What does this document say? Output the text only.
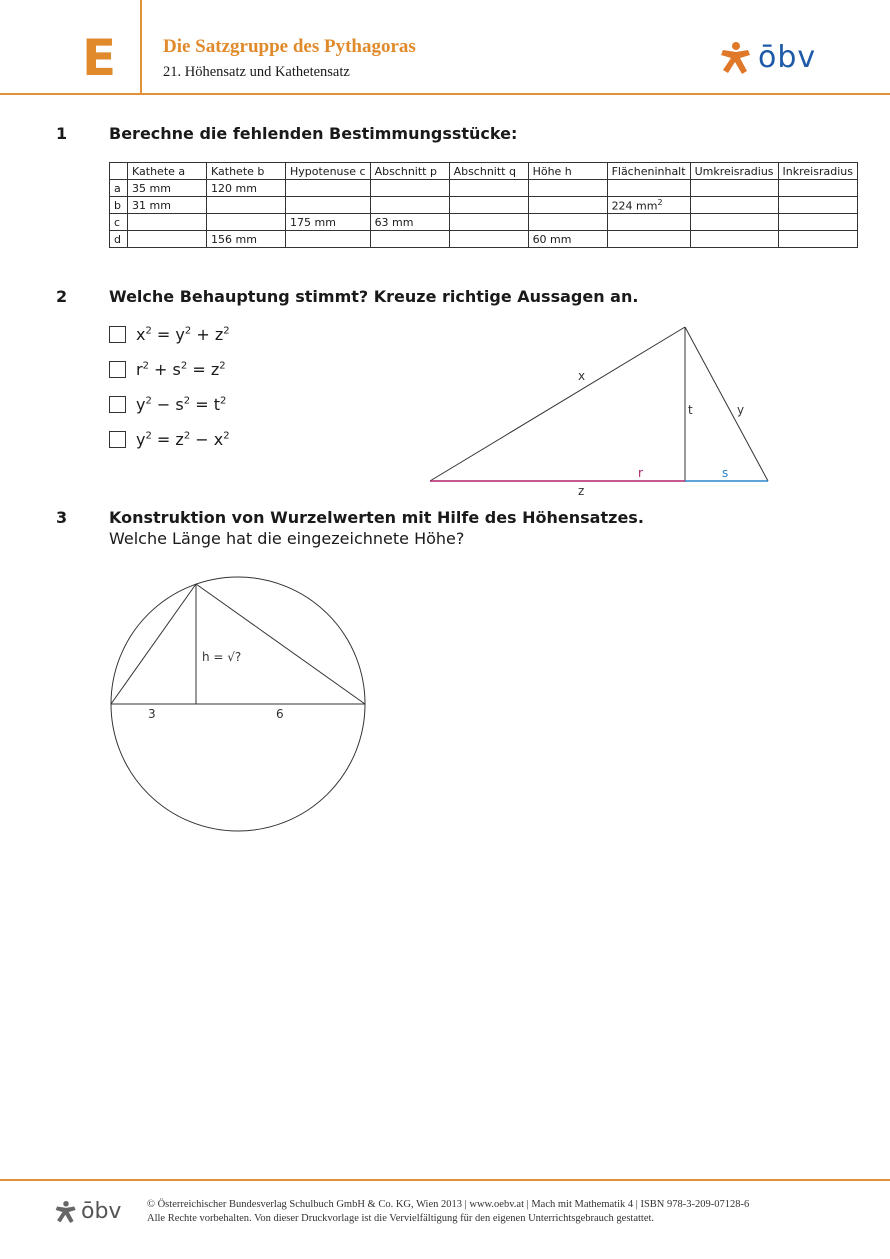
E Die Satzgruppe des Pythagoras
21. Höhensatz und Kathetensatz	ōbv
1	Berechne die fehlenden Bestimmungsstücke:
	Kathete a	Kathete b	Hypotenuse c	Abschnitt p	Abschnitt q	Höhe h	Flächeninhalt	Umkreisradius	Inkreisradius
a	35 mm	120 mm							
b	31 mm						224 $mm^2$		
c			175 mm	63 mm					
d		156 mm				60 mm			
2	Welche Behauptung stimmt? Kreuze richtige Aussagen an.
$x^2 = y^2 + z^2$
$r^2 + s^2 = z^2$
$y^2 - s^2 = t^2$
$y^2 = z^2 - x^2$
x
t	y
r	s
z
3	Konstruktion von Wurzelwerten mit Hilfe des Höhensatzes.
Welche Länge hat die eingezeichnete Höhe?
h = √?
3	6
ōbv © Österreichischer Bundesverlag Schulbuch GmbH & Co. KG, Wien 2013 | www.oebv.at | Mach mit Mathematik 4 | ISBN 978-3-209-07128-6
Alle Rechte vorbehalten. Von dieser Druckvorlage ist die Vervielfältigung für den eigenen Unterrichtsgebrauch gestattet.
